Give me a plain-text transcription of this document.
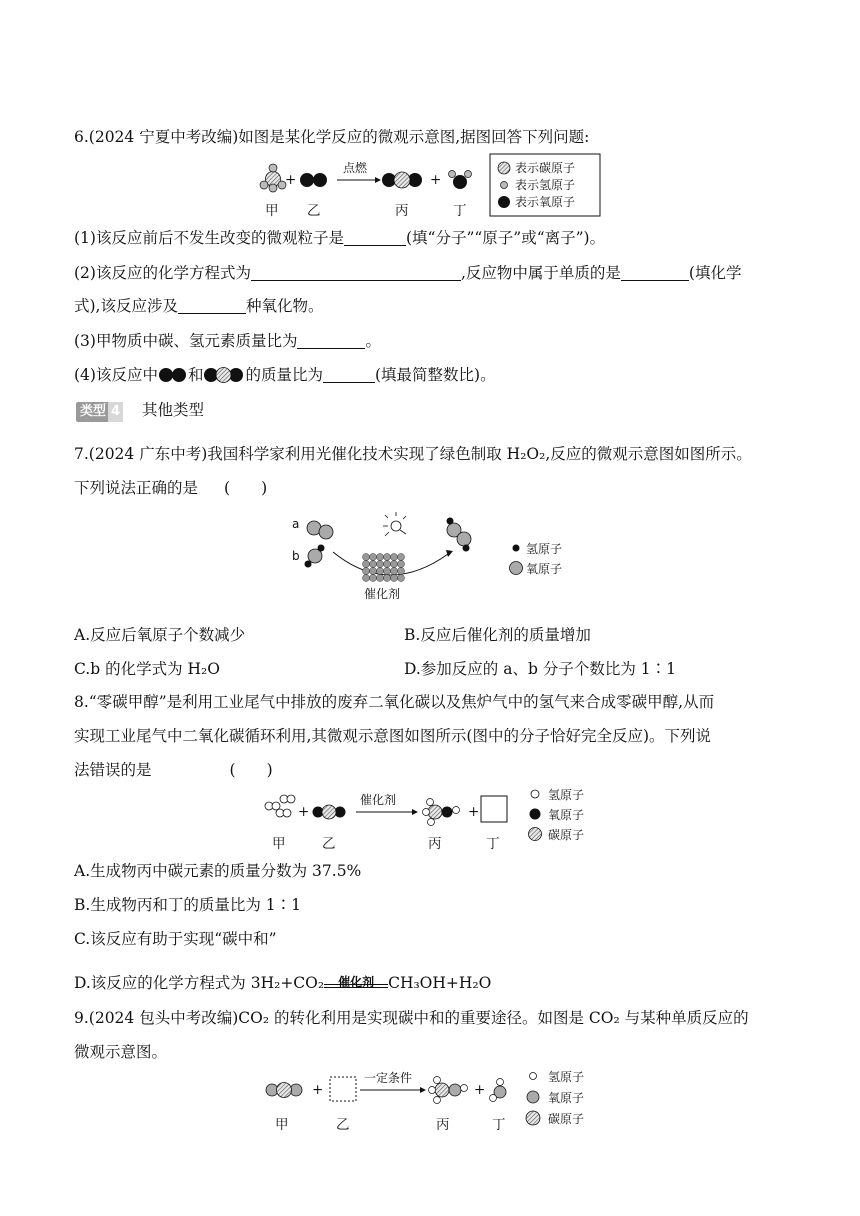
6.(2024 宁夏中考改编)如图是某化学反应的微观示意图,据图回答下列问题:
+
点燃
+
甲 乙	丙	丁
表示碳原子
表示氢原子
表示氧原子
(1)该反应前后不发生改变的微观粒子是	(填“分子”“原子”或“离子”)。
(2)该反应的化学方程式为	,反应物中属于单质的是	(填化学
式),该反应涉及	种氧化物。
(3)甲物质中碳、氢元素质量比为	。
(4)该反应中 和	的质量比为	(填最简整数比)。
类型 4 其他类型
7.(2024 广东中考)我国科学家利用光催化技术实现了绿色制取 H₂O₂,反应的微观示意图如图所示。
下列说法正确的是 (　　)
a
b
催化剂
氢原子
氧原子
A.反应后氧原子个数减少	B.反应后催化剂的质量增加
C.b 的化学式为 H₂O	D.参加反应的 a、b 分子个数比为 1∶1
8.“零碳甲醇”是利用工业尾气中排放的废弃二氧化碳以及焦炉气中的氢气来合成零碳甲醇,从而
实现工业尾气中二氧化碳循环利用,其微观示意图如图所示(图中的分子恰好完全反应)。下列说
法错误的是	(　　)
+
催化剂
+
甲	乙	丙	丁
氢原子
氧原子
碳原子
A.生成物丙中碳元素的质量分数为 37.5%
B.生成物丙和丁的质量比为 1∶1
C.该反应有助于实现“碳中和”
D.该反应的化学方程式为 3H₂+CO₂	催化剂 CH₃OH+H₂O
9.(2024 包头中考改编)CO₂ 的转化利用是实现碳中和的重要途径。如图是 CO₂ 与某种单质反应的
微观示意图。
+
一定条件
+
甲	乙	丙	丁
氢原子
氧原子
碳原子
